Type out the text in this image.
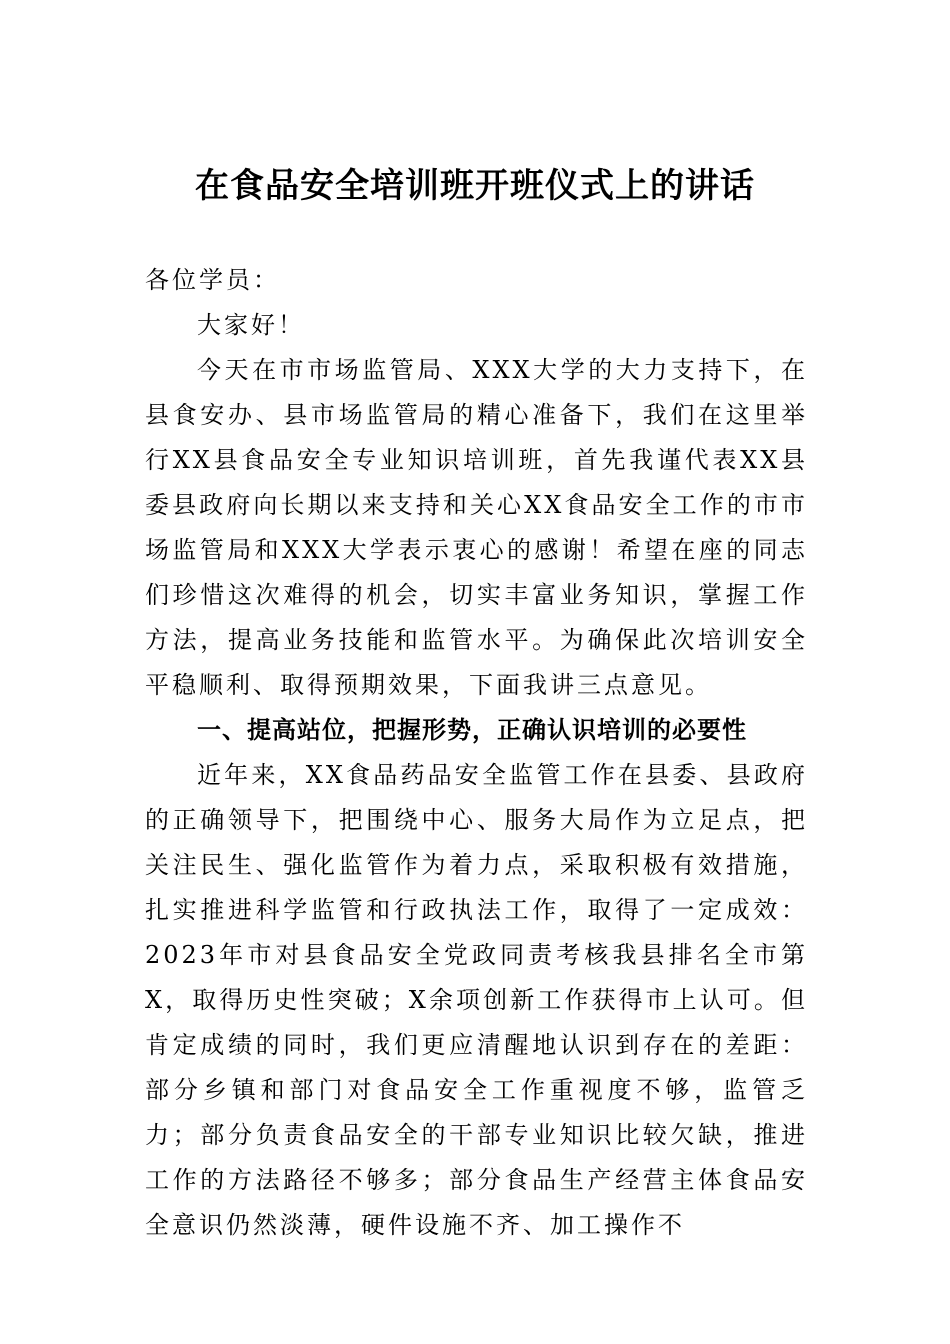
在食品安全培训班开班仪式上的讲话

各位学员：

大家好！

今天在市市场监管局、XXX大学的大力支持下，在县食安办、县市场监管局的精心准备下，我们在这里举行XX县食品安全专业知识培训班，首先我谨代表XX县委县政府向长期以来支持和关心XX食品安全工作的市市场监管局和XXX大学表示衷心的感谢！希望在座的同志们珍惜这次难得的机会，切实丰富业务知识，掌握工作方法，提高业务技能和监管水平。为确保此次培训安全平稳顺利、取得预期效果，下面我讲三点意见。

一、提高站位，把握形势，正确认识培训的必要性

近年来，XX食品药品安全监管工作在县委、县政府的正确领导下，把围绕中心、服务大局作为立足点，把关注民生、强化监管作为着力点，采取积极有效措施，扎实推进科学监管和行政执法工作，取得了一定成效：2023年市对县食品安全党政同责考核我县排名全市第X，取得历史性突破；X余项创新工作获得市上认可。但肯定成绩的同时，我们更应清醒地认识到存在的差距：部分乡镇和部门对食品安全工作重视度不够，监管乏力；部分负责食品安全的干部专业知识比较欠缺，推进工作的方法路径不够多；部分食品生产经营主体食品安全意识仍然淡薄，硬件设施不齐、加工操作不
